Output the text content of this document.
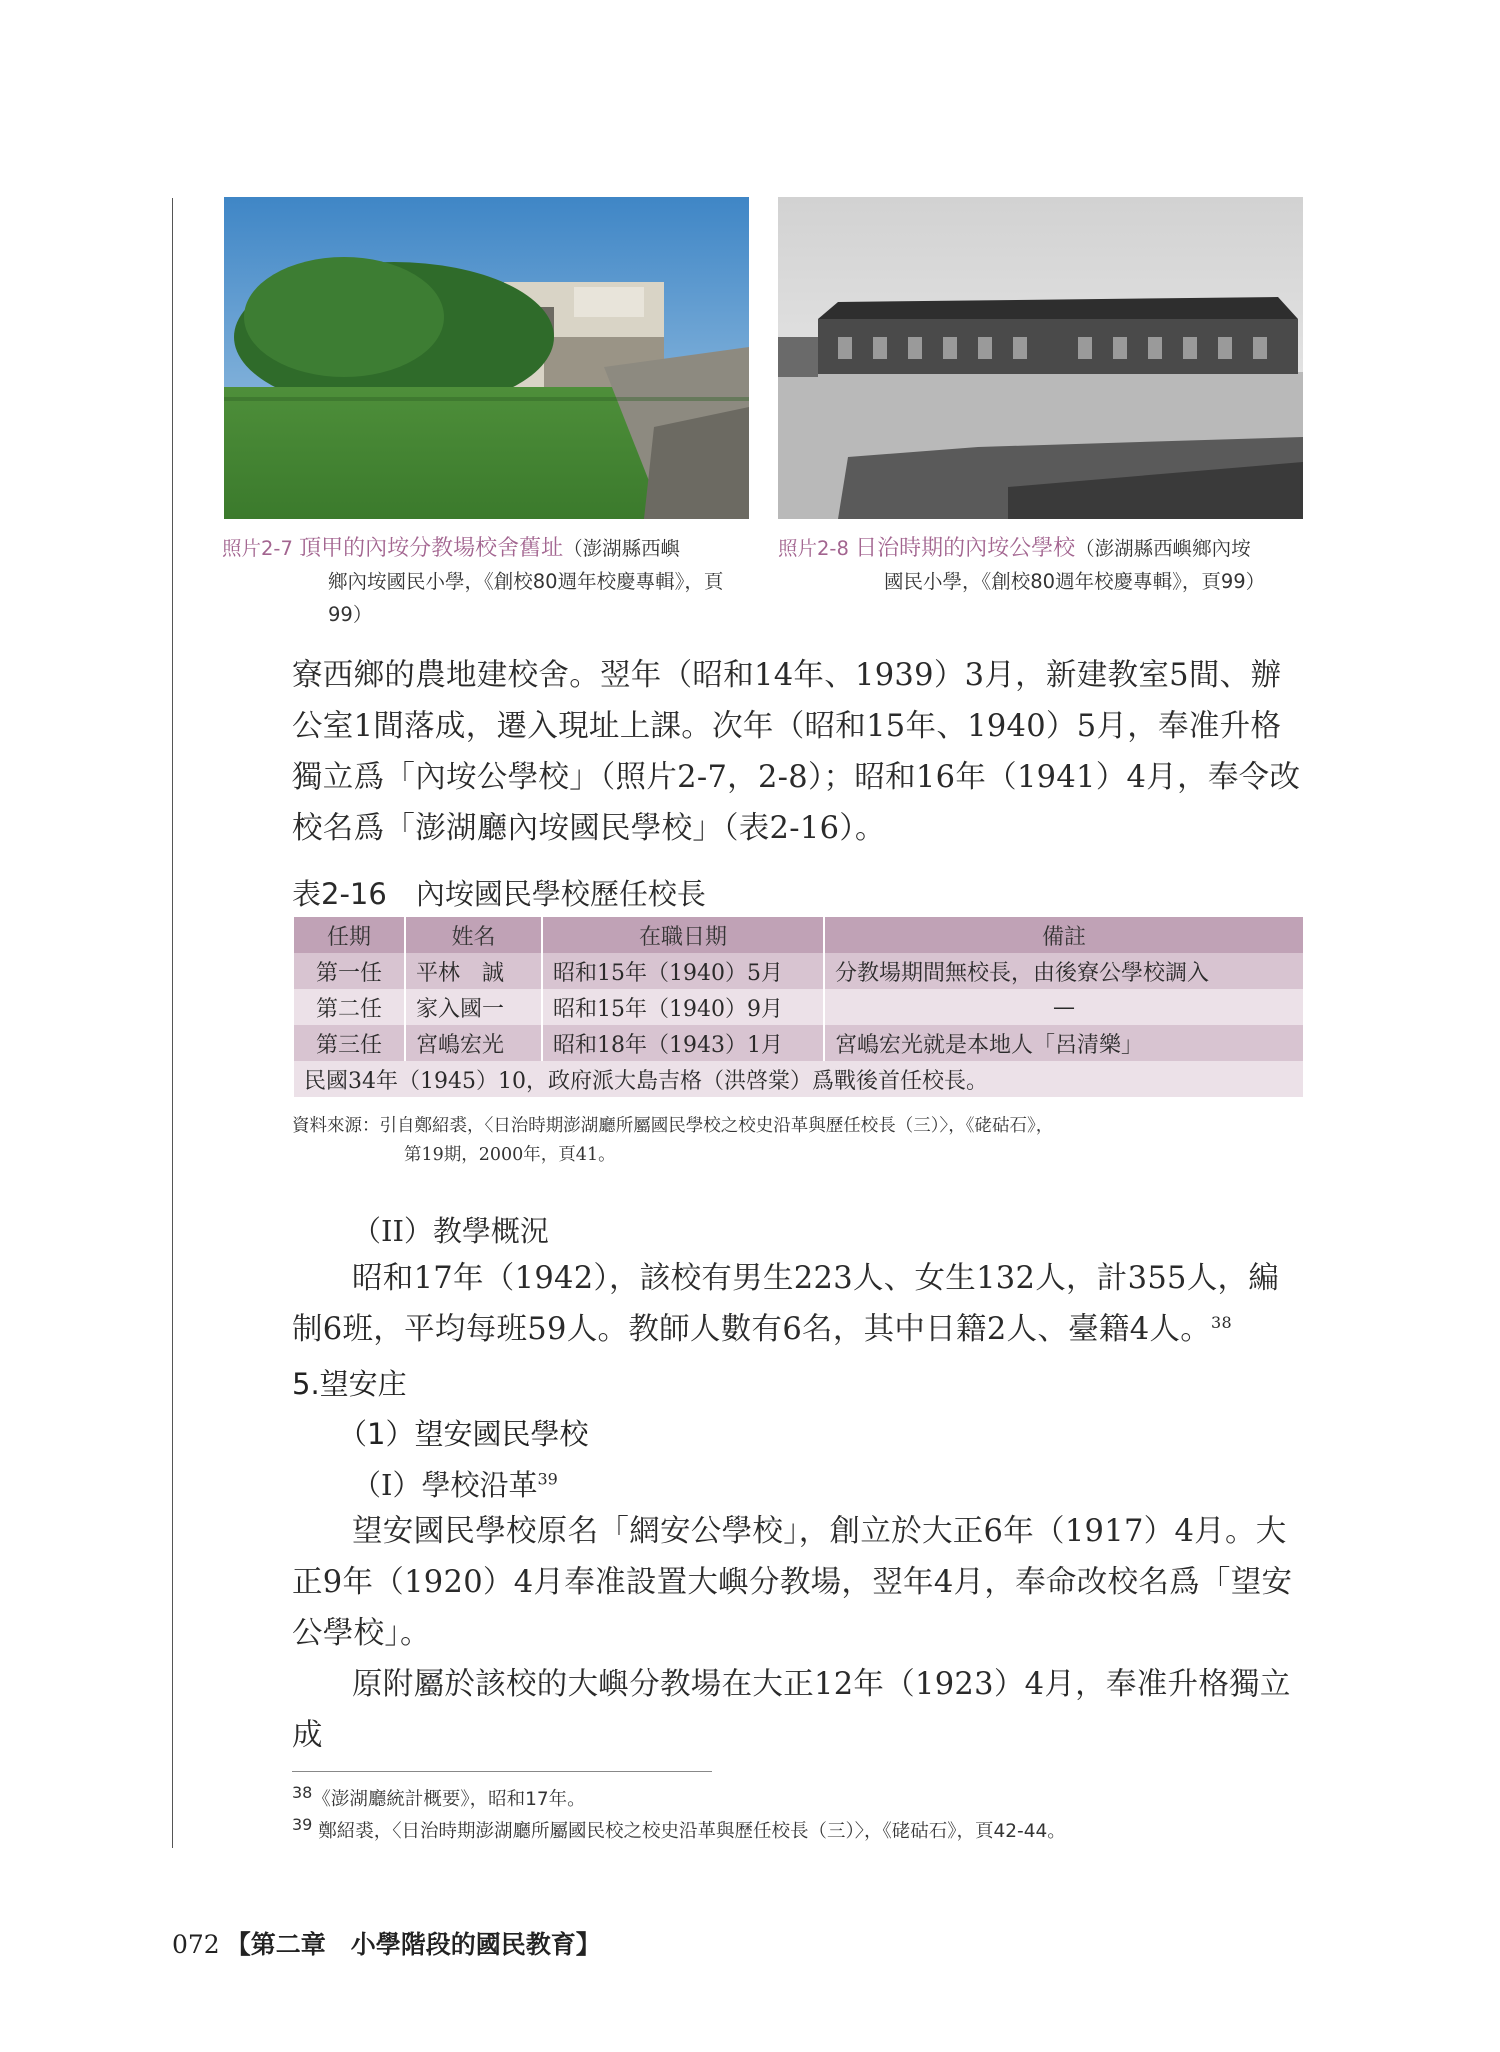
照片2-7 頂甲的內垵分教場校舍舊址（澎湖縣西嶼
鄉內垵國民小學，《創校80週年校慶專輯》，頁
99）
照片2-8 日治時期的內垵公學校（澎湖縣西嶼鄉內垵
國民小學，《創校80週年校慶專輯》，頁99）
寮西鄉的農地建校舍。翌年（昭和14年、1939）3月，新建教室5間、辦公室1間落成，遷入現址上課。次年（昭和15年、1940）5月，奉准升格獨立爲「內垵公學校」（照片2-7，2-8）；昭和16年（1941）4月，奉令改校名爲「澎湖廳內垵國民學校」（表2-16）。
表2-16　內垵國民學校歷任校長
任期	姓名	在職日期	備註
第一任	平林　誠	昭和15年（1940）5月	分教場期間無校長，由後寮公學校調入
第二任	家入國一	昭和15年（1940）9月	—
第三任	宮嶋宏光	昭和18年（1943）1月	宮嶋宏光就是本地人「呂清樂」
民國34年（1945）10，政府派大島吉格（洪啓棠）爲戰後首任校長。			
資料來源：引自鄭紹裘，〈日治時期澎湖廳所屬國民學校之校史沿革與歷任校長（三）〉，《硓𥑮石》，
第19期，2000年，頁41。
（II）教學概況
昭和17年（1942），該校有男生223人、女生132人，計355人，編制6班，平均每班59人。教師人數有6名，其中日籍2人、臺籍4人。$^{38}$
5.望安庄
（1）望安國民學校
（I）學校沿革$^{39}$
望安國民學校原名「網安公學校」，創立於大正6年（1917）4月。大正9年（1920）4月奉准設置大嶼分教場，翌年4月，奉命改校名爲「望安公學校」。
原附屬於該校的大嶼分教場在大正12年（1923）4月，奉准升格獨立成
$^{38}$《澎湖廳統計概要》，昭和17年。
$^{39}$ 鄭紹裘，〈日治時期澎湖廳所屬國民校之校史沿革與歷任校長（三）〉，《硓𥑮石》，頁42-44。
072 【第二章　小學階段的國民教育】
